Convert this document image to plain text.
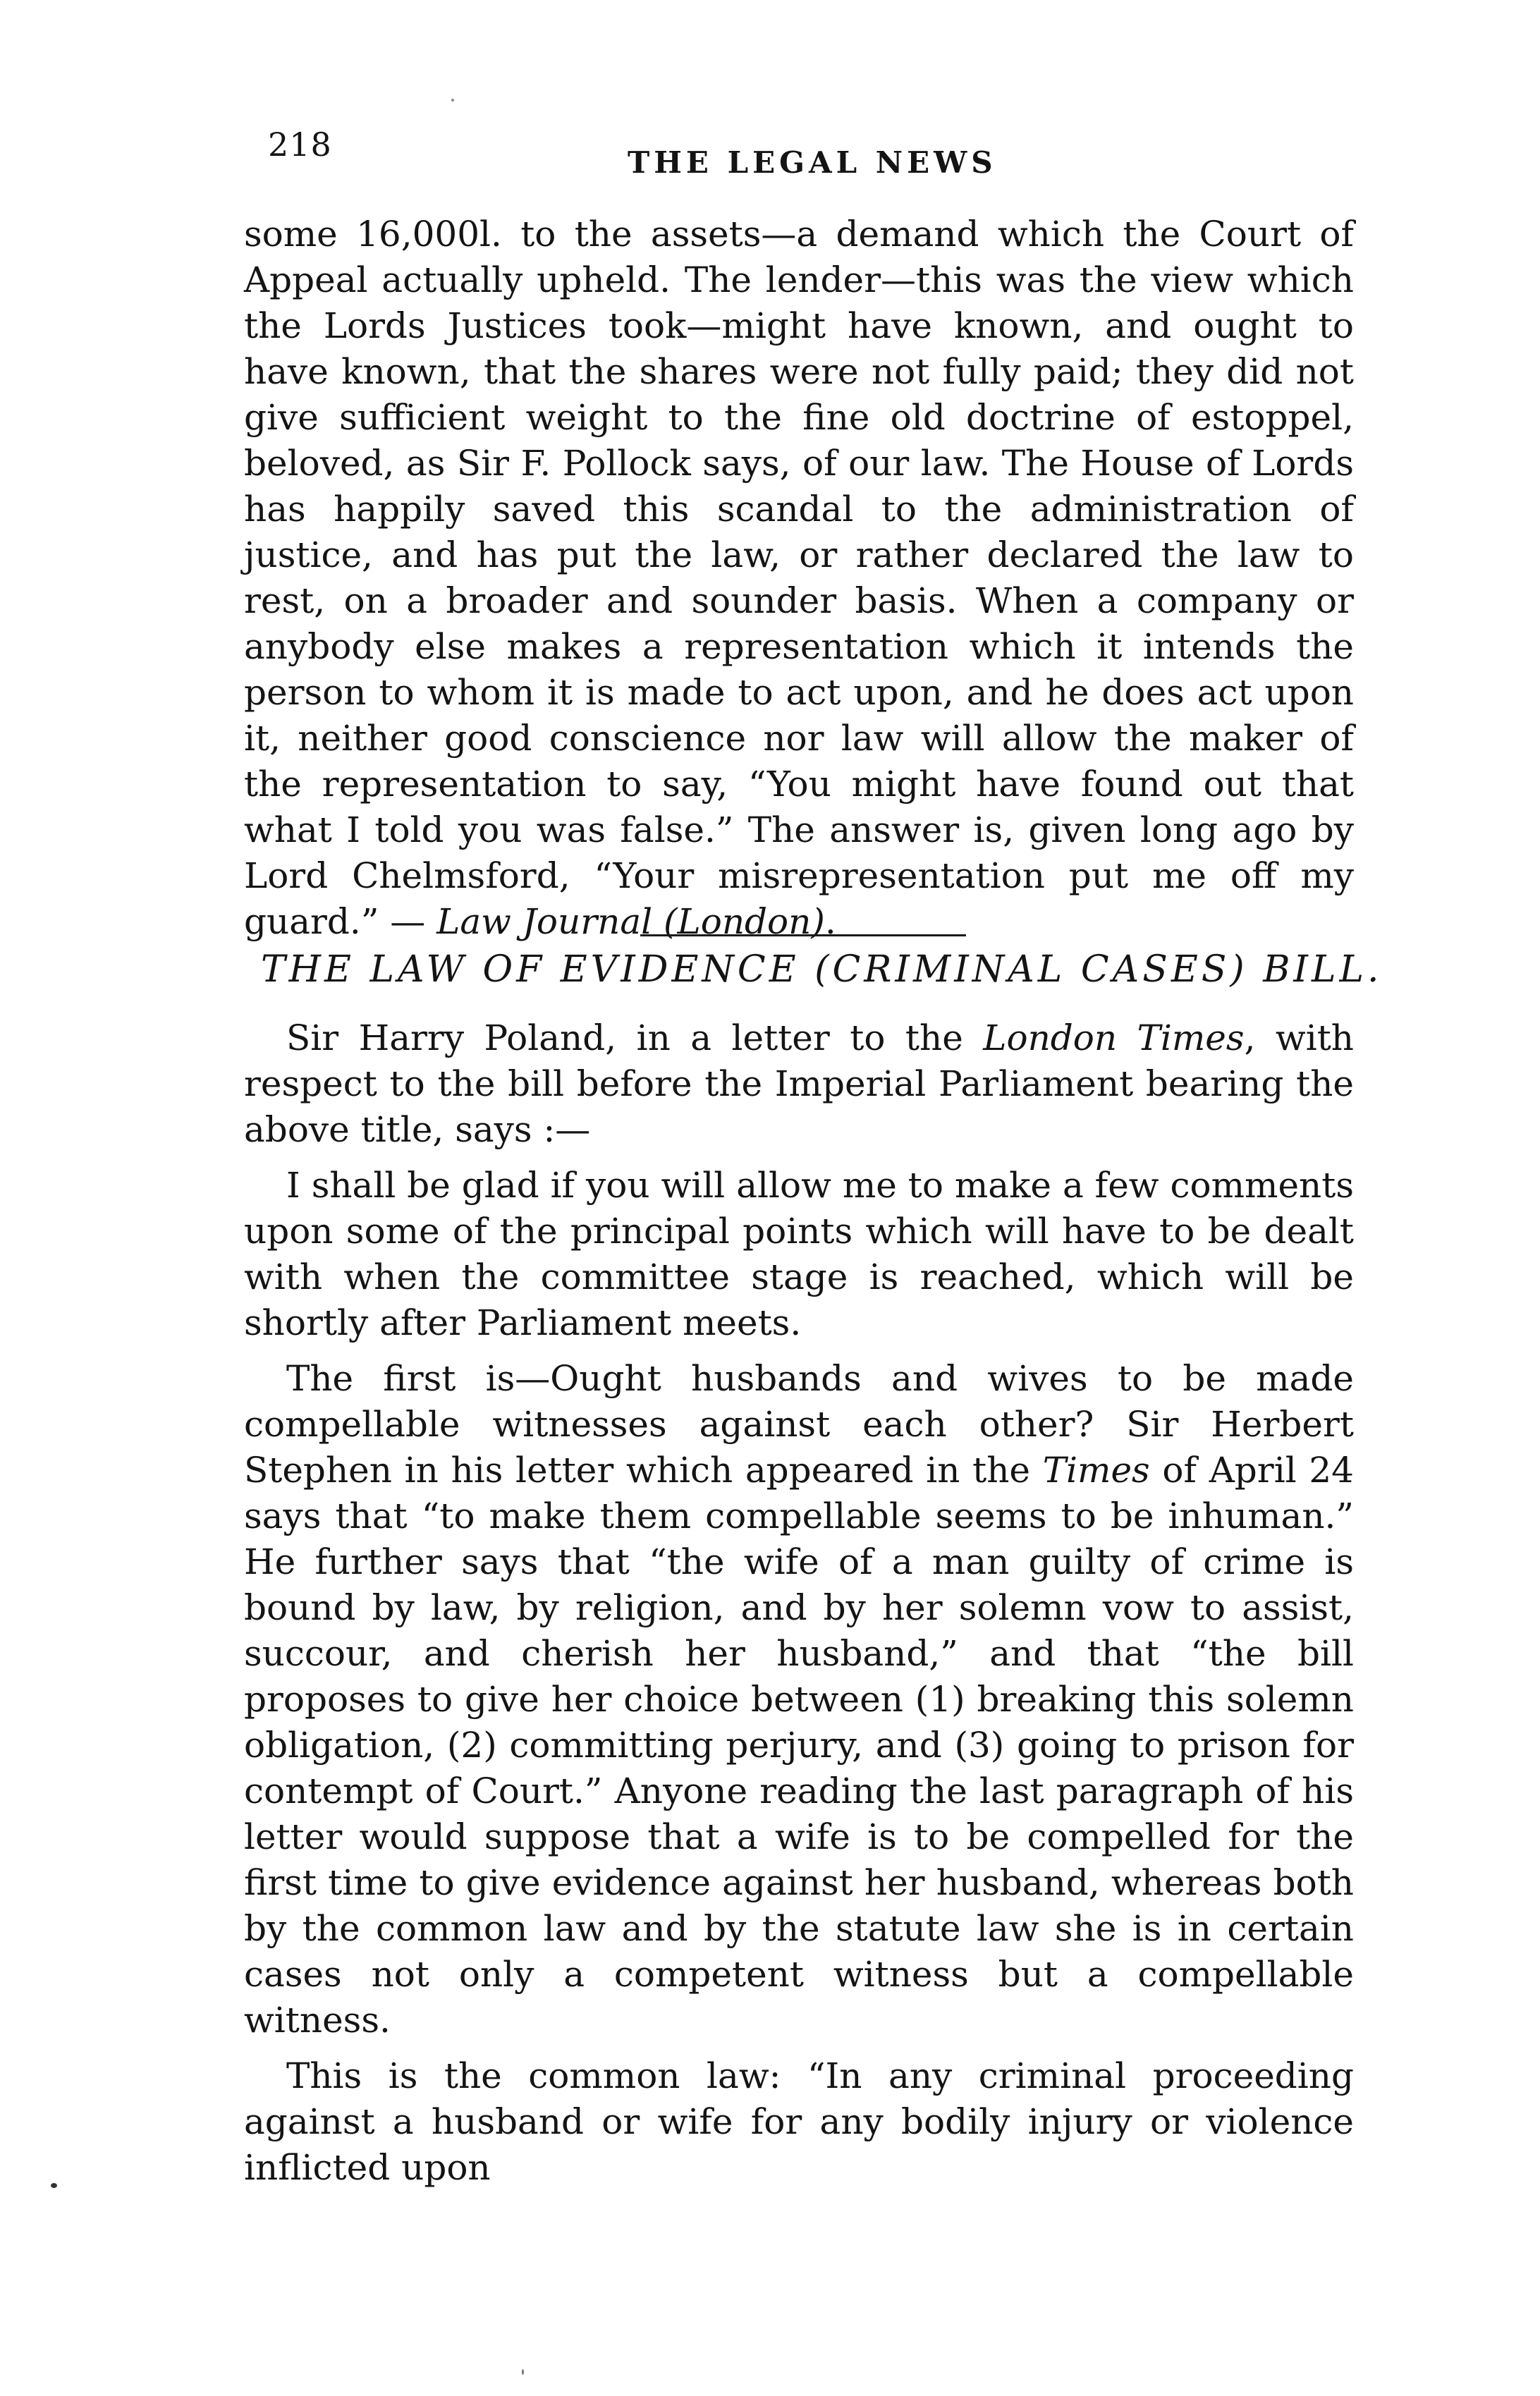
218	THE LEGAL NEWS

some 16,000l. to the assets—a demand which the Court of Appeal actually upheld. The lender—this was the view which the Lords Justices took—might have known, and ought to have known, that the shares were not fully paid; they did not give sufficient weight to the fine old doctrine of estoppel, beloved, as Sir F. Pollock says, of our law. The House of Lords has happily saved this scandal to the administration of justice, and has put the law, or rather declared the law to rest, on a broader and sounder basis. When a company or anybody else makes a representation which it intends the person to whom it is made to act upon, and he does act upon it, neither good conscience nor law will allow the maker of the representation to say, “You might have found out that what I told you was false.” The answer is, given long ago by Lord Chelmsford, “Your misrepresentation put me off my guard.” — Law Journal (London).

THE LAW OF EVIDENCE (CRIMINAL CASES) BILL.

Sir Harry Poland, in a letter to the London Times, with respect to the bill before the Imperial Parliament bearing the above title, says :—

I shall be glad if you will allow me to make a few comments upon some of the principal points which will have to be dealt with when the committee stage is reached, which will be shortly after Parliament meets.

The first is—Ought husbands and wives to be made compellable witnesses against each other? Sir Herbert Stephen in his letter which appeared in the Times of April 24 says that “to make them compellable seems to be inhuman.” He further says that “the wife of a man guilty of crime is bound by law, by religion, and by her solemn vow to assist, succour, and cherish her husband,” and that “the bill proposes to give her choice between (1) breaking this solemn obligation, (2) committing perjury, and (3) going to prison for contempt of Court.” Anyone reading the last paragraph of his letter would suppose that a wife is to be compelled for the first time to give evidence against her husband, whereas both by the common law and by the statute law she is in certain cases not only a competent witness but a compellable witness.

This is the common law: “In any criminal proceeding against a husband or wife for any bodily injury or violence inflicted upon
